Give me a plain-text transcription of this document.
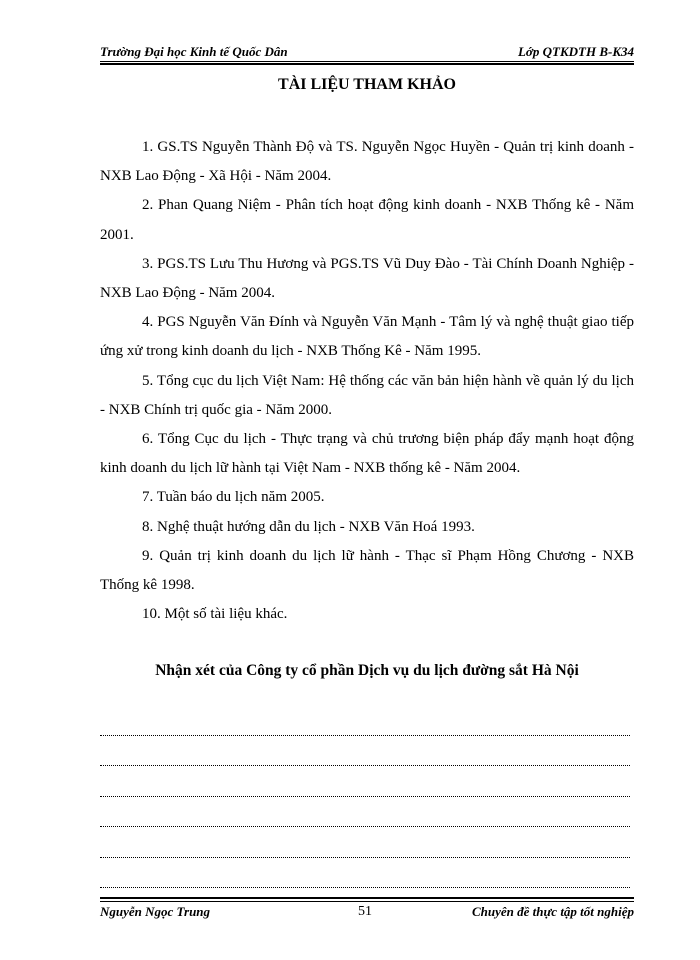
Trường Đại học Kinh tế Quốc Dân	Lớp QTKDTH B-K34
TÀI LIỆU THAM KHẢO

1. GS.TS Nguyễn Thành Độ và TS. Nguyễn Ngọc Huyền - Quản trị kinh doanh - NXB Lao Động - Xã Hội - Năm 2004.

2. Phan Quang Niệm - Phân tích hoạt động kinh doanh - NXB Thống kê - Năm 2001.

3. PGS.TS Lưu Thu Hương và PGS.TS Vũ Duy Đào - Tài Chính Doanh Nghiệp - NXB Lao Động - Năm 2004.

4. PGS Nguyễn Văn Đính và Nguyễn Văn Mạnh - Tâm lý và nghệ thuật giao tiếp ứng xử trong kinh doanh du lịch - NXB Thống Kê - Năm 1995.

5. Tổng cục du lịch Việt Nam: Hệ thống các văn bản hiện hành về quản lý du lịch - NXB Chính trị quốc gia - Năm 2000.

6. Tổng Cục du lịch - Thực trạng và chủ trương biện pháp đẩy mạnh hoạt động kinh doanh du lịch lữ hành tại Việt Nam - NXB thống kê - Năm 2004.

7. Tuần báo du lịch năm 2005.

8. Nghệ thuật hướng dẫn du lịch - NXB Văn Hoá 1993.

9. Quản trị kinh doanh du lịch lữ hành - Thạc sĩ Phạm Hồng Chương - NXB Thống kê 1998.

10. Một số tài liệu khác.

Nhận xét của Công ty cổ phần Dịch vụ du lịch đường sắt Hà Nội
Nguyễn Ngọc Trung	51	Chuyên đề thực tập tốt nghiệp
